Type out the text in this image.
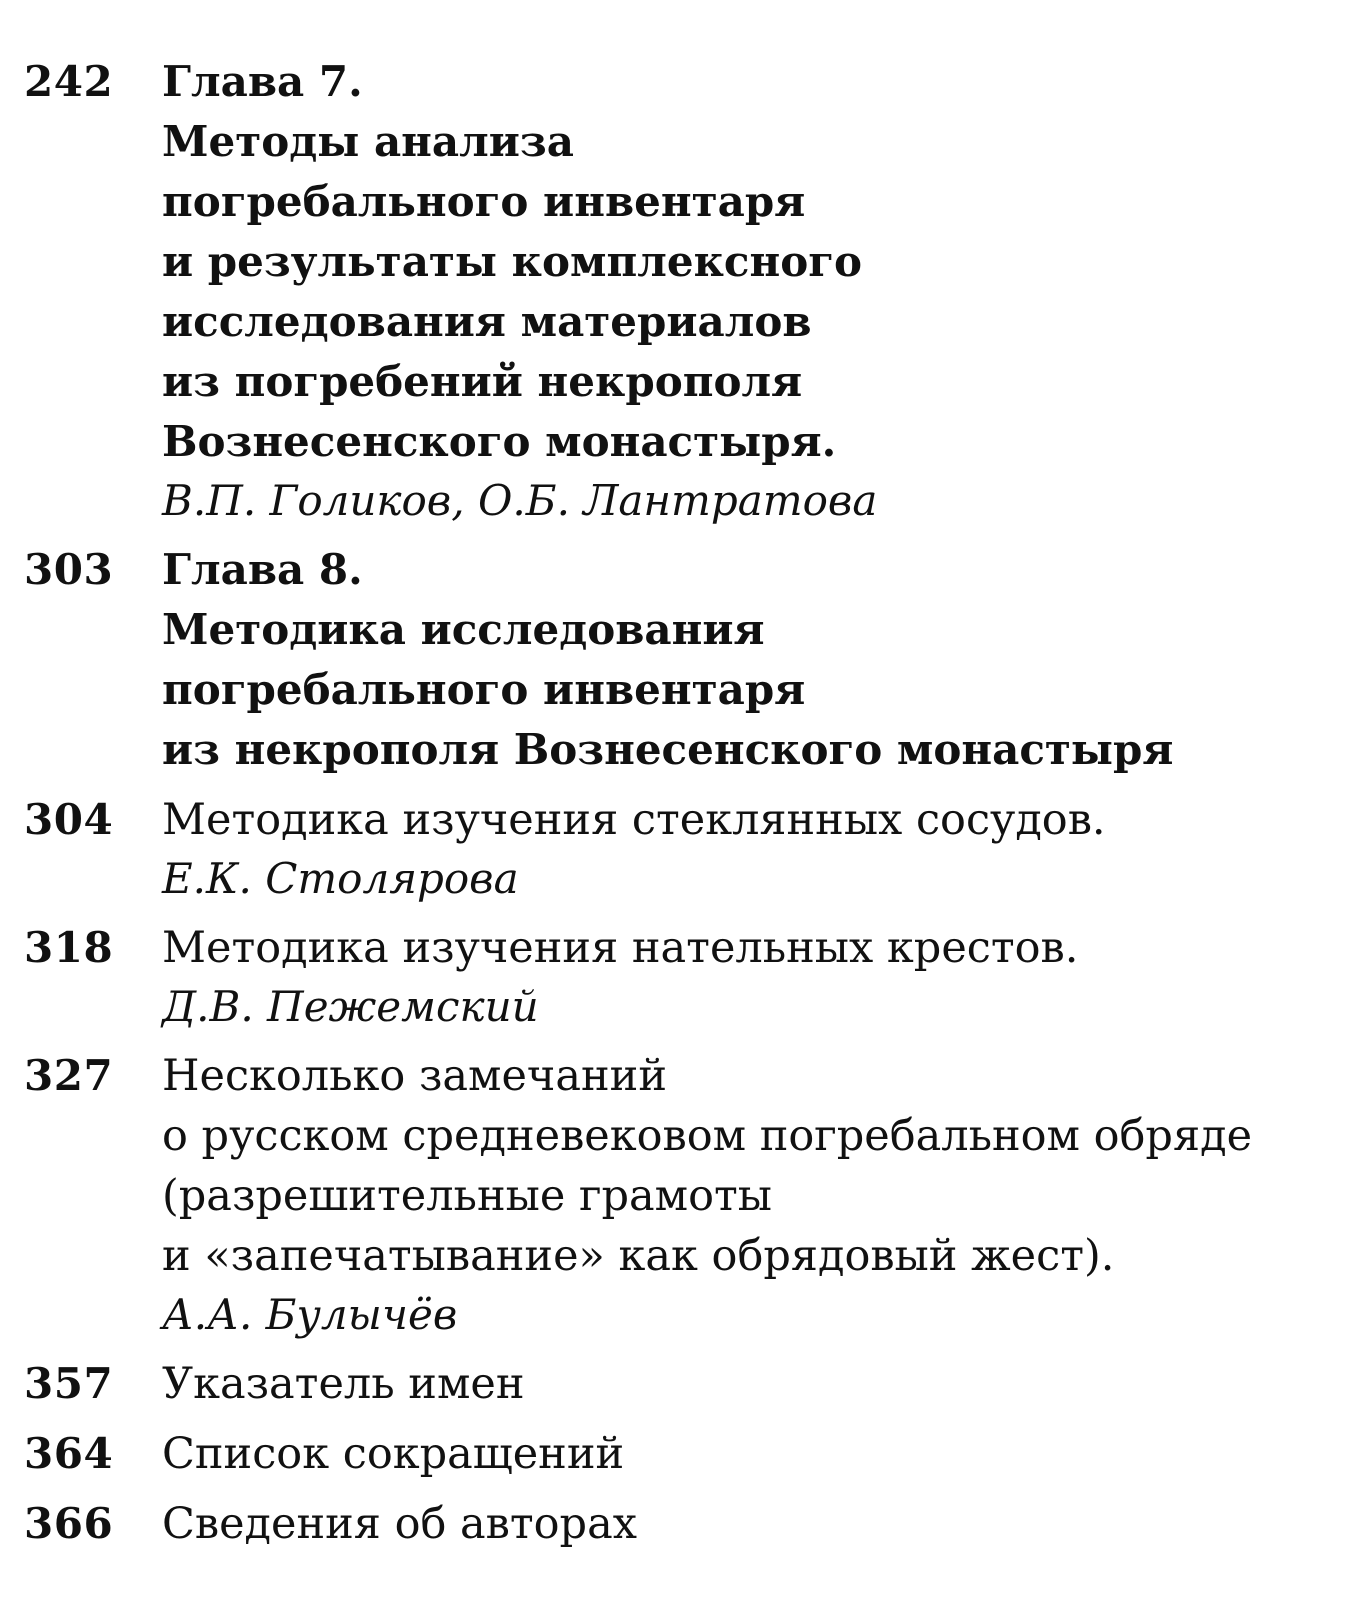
242	Глава 7.
Методы анализа
погребального инвентаря
и результаты комплексного
исследования материалов
из погребений некрополя
Вознесенского монастыря.
В.П. Голиков, О.Б. Лантратова
303	Глава 8.
Методика исследования
погребального инвентаря
из некрополя Вознесенского монастыря
304	Методика изучения стеклянных сосудов.
Е.К. Столярова
318	Методика изучения нательных крестов.
Д.В. Пежемский
327	Несколько замечаний
о русском средневековом погребальном обряде
(разрешительные грамоты
и «запечатывание» как обрядовый жест).
А.А. Булычёв
357	Указатель имен
364	Список сокращений
366	Сведения об авторах
